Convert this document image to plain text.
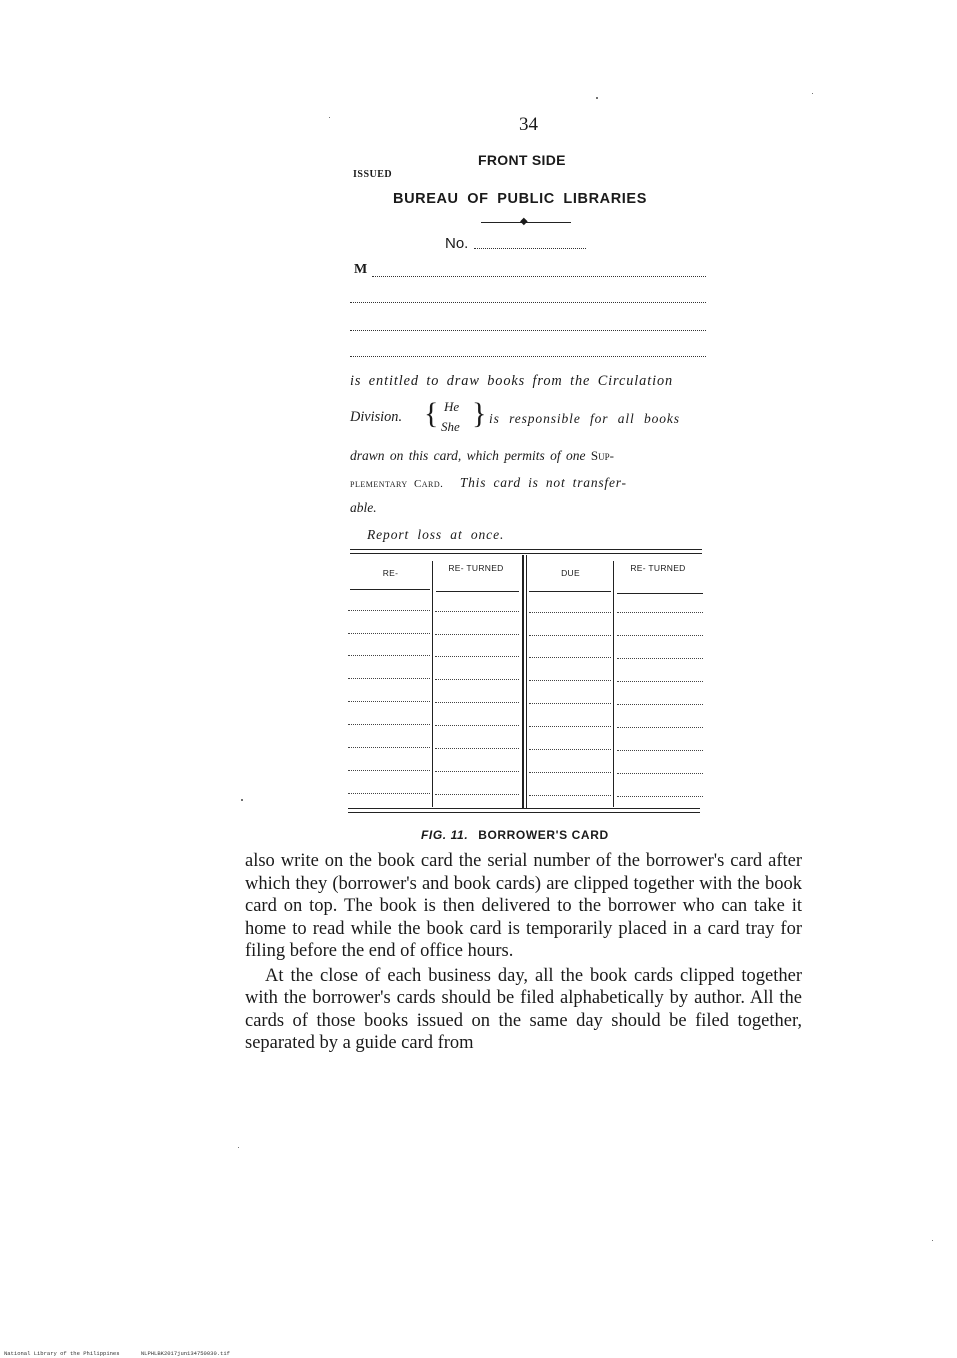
34
FRONT SIDE
ISSUED
BUREAU OF PUBLIC LIBRARIES
◆
No.
M
is entitled to draw books from the Circulation
Division. { He
She } is responsible for all books
drawn on this card, which permits of one Sup-
plementary Card. This card is not transfer-
able.
Report loss at once.
RE-	RE- TURNED	DUE	RE- TURNED
FIG. 11. BORROWER'S CARD

also write on the book card the serial number of the borrower's card after which they (borrower's and book cards) are clipped together with the book card on top. The book is then delivered to the borrower who can take it home to read while the book card is temporarily placed in a card tray for filing before the end of office hours.

At the close of each business day, all the book cards clipped together with the borrower's cards should be filed alphabetically by author. All the cards of those books issued on the same day should be filed together, separated by a guide card from

National Library of the Philippines	NLPHLBK2017jun134750030.tif
